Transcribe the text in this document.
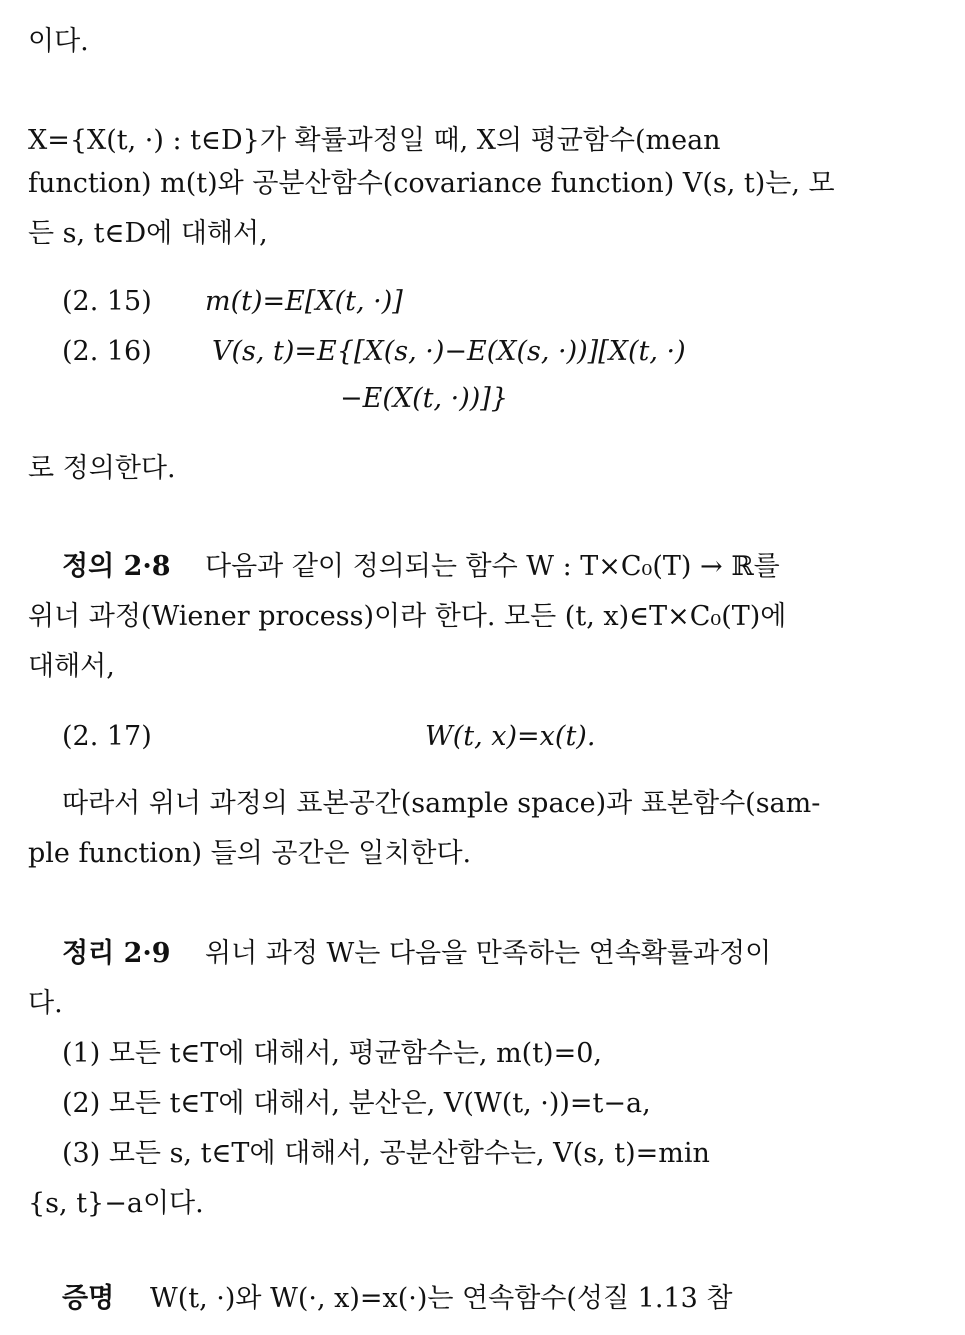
이다.
X={X(t, ·) : t∈D}가 확률과정일 때, X의 평균함수(mean
function) m(t)와 공분산함수(covariance function) V(s, t)는, 모
든 s, t∈D에 대해서,
(2. 15) m(t)=E[X(t, ·)]
(2. 16) V(s, t)=E{[X(s, ·)−E(X(s, ·))][X(t, ·)
−E(X(t, ·))]}
로 정의한다.
정의 2·8 다음과 같이 정의되는 함수 W : T×C₀(T) → ℝ를
위너 과정(Wiener process)이라 한다. 모든 (t, x)∈T×C₀(T)에
대해서,
(2. 17)	W(t, x)=x(t).
따라서 위너 과정의 표본공간(sample space)과 표본함수(sam-
ple function) 들의 공간은 일치한다.
정리 2·9 위너 과정 W는 다음을 만족하는 연속확률과정이
다.
(1) 모든 t∈T에 대해서, 평균함수는, m(t)=0,
(2) 모든 t∈T에 대해서, 분산은, V(W(t, ·))=t−a,
(3) 모든 s, t∈T에 대해서, 공분산함수는, V(s, t)=min
{s, t}−a이다.
증명 W(t, ·)와 W(·, x)=x(·)는 연속함수(성질 1.13 참
